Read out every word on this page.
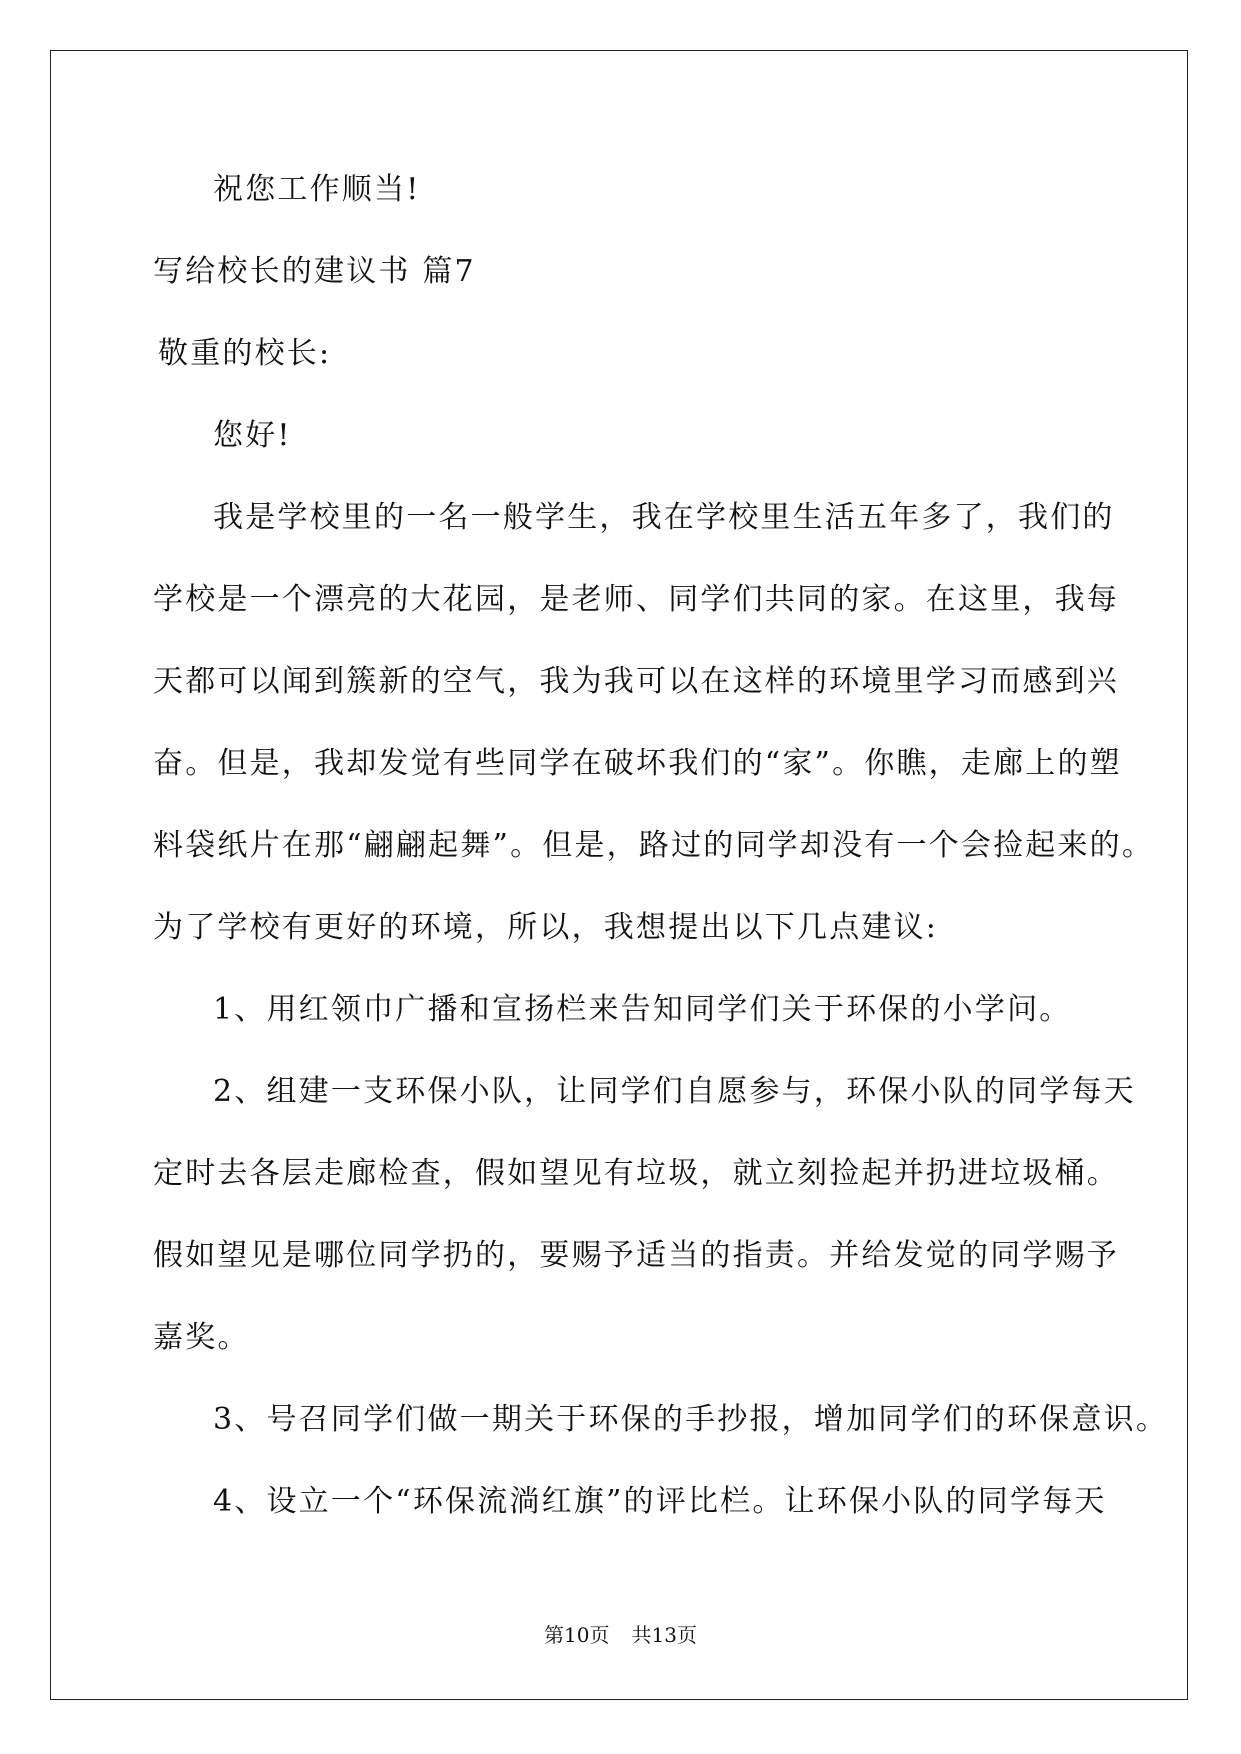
祝您工作顺当!
写给校长的建议书 篇7
敬重的校长:
您好!
我是学校里的一名一般学生，我在学校里生活五年多了，我们的
学校是一个漂亮的大花园，是老师、同学们共同的家。在这里，我每
天都可以闻到簇新的空气，我为我可以在这样的环境里学习而感到兴
奋。但是，我却发觉有些同学在破坏我们的“家”。你瞧，走廊上的塑
料袋纸片在那“翩翩起舞”。但是，路过的同学却没有一个会捡起来的。
为了学校有更好的环境，所以，我想提出以下几点建议:
1、用红领巾广播和宣扬栏来告知同学们关于环保的小学问。
2、组建一支环保小队，让同学们自愿参与，环保小队的同学每天
定时去各层走廊检查，假如望见有垃圾，就立刻捡起并扔进垃圾桶。
假如望见是哪位同学扔的，要赐予适当的指责。并给发觉的同学赐予
嘉奖。
3、号召同学们做一期关于环保的手抄报，增加同学们的环保意识。
4、设立一个“环保流淌红旗”的评比栏。让环保小队的同学每天
第10页 共13页
